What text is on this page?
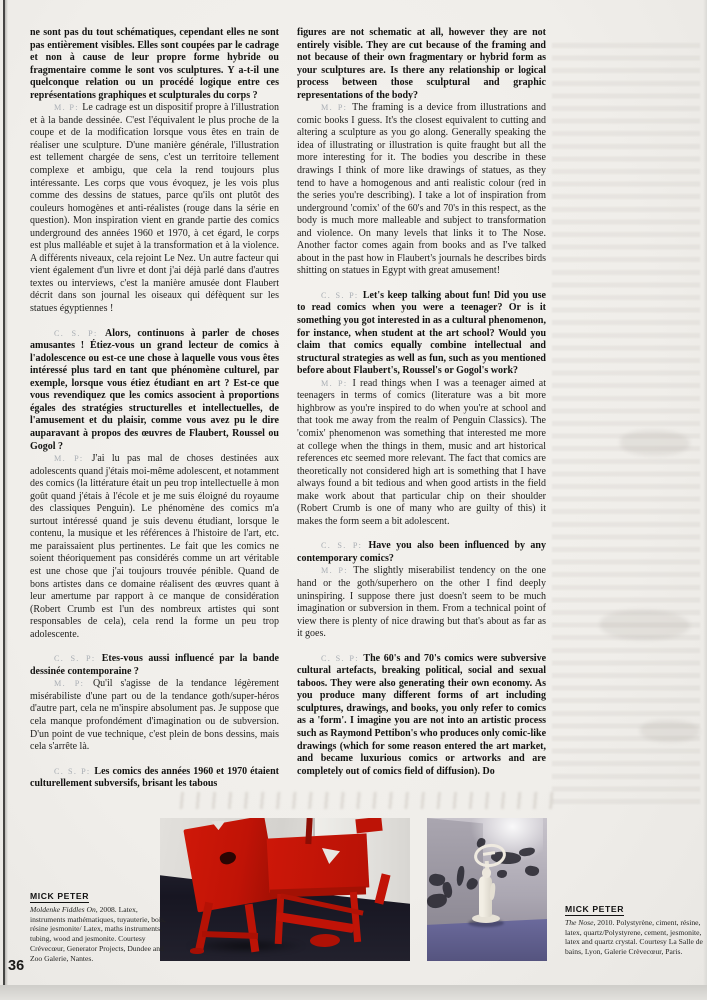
ne sont pas du tout schématiques, cependant elles ne sont pas entièrement visibles. Elles sont coupées par le cadrage et non à cause de leur propre forme hybride ou fragmentaire comme le sont vos sculptures. Y a-t-il une quelconque relation ou un procédé logique entre ces représentations graphiques et sculpturales du corps ?
M. P: Le cadrage est un dispositif propre à l'illustration et à la bande dessinée. C'est l'équivalent le plus proche de la coupe et de la modification lorsque vous êtes en train de réaliser une sculpture. D'une manière générale, l'illustration est tellement chargée de sens, c'est un territoire tellement complexe et ambigu, que cela la rend toujours plus intéressante. Les corps que vous évoquez, je les vois plus comme des dessins de statues, parce qu'ils ont plutôt des couleurs homogènes et anti-réalistes (rouge dans la série en question). Mon inspiration vient en grande partie des comics underground des années 1960 et 1970, à cet égard, le corps est plus malléable et sujet à la transformation et à la violence. A différents niveaux, cela rejoint Le Nez. Un autre facteur qui vient également d'un livre et dont j'ai déjà parlé dans d'autres textes ou interviews, c'est la manière amusée dont Flaubert décrit dans son journal les oiseaux qui défèquent sur les statues égyptiennes !
C. S. P: Alors, continuons à parler de choses amusantes ! Étiez-vous un grand lecteur de comics à l'adolescence ou est-ce une chose à laquelle vous vous êtes intéressé plus tard en tant que phénomène culturel, par exemple, lorsque vous étiez étudiant en art ? Est-ce que vous revendiquez que les comics associent à proportions égales des stratégies structurelles et intellectuelles, de l'amusement et du plaisir, comme vous avez pu le dire auparavant à propos des œuvres de Flaubert, Roussel ou Gogol ?
M. P: J'ai lu pas mal de choses destinées aux adolescents quand j'étais moi-même adolescent, et notamment des comics (la littérature était un peu trop intellectuelle à mon goût quand j'étais à l'école et je me suis éloigné du royaume des classiques Penguin). Le phénomène des comics m'a surtout intéressé quand je suis devenu étudiant, lorsque le contenu, la musique et les références à l'histoire de l'art, etc. me paraissaient plus pertinentes. Le fait que les comics ne soient théoriquement pas considérés comme un art véritable est une chose que j'ai toujours trouvée pénible. Quand de bons artistes dans ce domaine réalisent des œuvres quant à leur amertume par rapport à ce manque de considération (Robert Crumb est l'un des nombreux artistes qui sont responsables de cela), cela rend la forme un peu trop adolescente.
C. S. P: Etes-vous aussi influencé par la bande dessinée contemporaine ?
M. P: Qu'il s'agisse de la tendance légèrement misérabiliste d'une part ou de la tendance goth/super-héros d'autre part, cela ne m'inspire absolument pas. Je suppose que cela manque profondément d'imagination ou de subversion. D'un point de vue technique, c'est plein de bons dessins, mais cela s'arrête là.
C. S. P: Les comics des années 1960 et 1970 étaient culturellement subversifs, brisant les tabous
figures are not schematic at all, however they are not entirely visible. They are cut because of the framing and not because of their own fragmentary or hybrid form as your sculptures are. Is there any relationship or logical process between those sculptural and graphic representations of the body?
M. P: The framing is a device from illustrations and comic books I guess. It's the closest equivalent to cutting and altering a sculpture as you go along. Generally speaking the idea of illustrating or illustration is quite fraught but all the more interesting for it. The bodies you describe in these drawings I think of more like drawings of statues, as they tend to have a homogenous and anti realistic colour (red in the series you're describing). I take a lot of inspiration from underground 'comix' of the 60's and 70's in this respect, as the body is much more malleable and subject to transformation and violence. On many levels that links it to The Nose. Another factor comes again from books and as I've talked about in the past how in Flaubert's journals he describes birds shitting on statues in Egypt with great amusement!
C. S. P: Let's keep talking about fun! Did you use to read comics when you were a teenager? Or is it something you got interested in as a cultural phenomenon, for instance, when student at the art school? Would you claim that comics equally combine intellectual and structural strategies as well as fun, such as you mentioned before about Flaubert's, Roussel's or Gogol's work?
M. P: I read things when I was a teenager aimed at teenagers in terms of comics (literature was a bit more highbrow as you're inspired to do when you're at school and that took me away from the realm of Penguin Classics). The 'comix' phenomenon was something that interested me more at college when the things in them, music and art historical references etc seemed more relevant. The fact that comics are theoretically not considered high art is something that I have always found a bit tedious and when good artists in the field make work about that particular chip on their shoulder (Robert Crumb is one of many who are guilty of this) it makes the form seem a bit adolescent.
C. S. P: Have you also been influenced by any contemporary comics?
M. P: The slightly miserabilist tendency on the one hand or the goth/superhero on the other I find deeply uninspiring. I suppose there just doesn't seem to be much imagination or subversion in them. From a technical point of view there is plenty of nice drawing but that's about as far as it goes.
C. S. P: The 60's and 70's comics were subversive cultural artefacts, breaking political, social and sexual taboos. They were also generating their own economy. As you produce many different forms of art including sculptures, drawings, and books, you only refer to comics as a 'form'. I imagine you are not into an artistic process such as Raymond Pettibon's who produces only comic-like drawings (which for some reason entered the art market, and became luxurious comics or artworks and are completely out of comics field of diffusion). Do
MICK PETER
Moldenke Fiddles On, 2008. Latex, instruments mathématiques, tuyauterie, bois, résine jesmonite/ Latex, maths instruments, tubing, wood and jesmonite. Courtesy Crévecœur, Generator Projects, Dundee and Zoo Galerie, Nantes.
MICK PETER
The Nose, 2010. Polystyrène, ciment, résine, latex, quartz/Polystyrene, cement, jesmonite, latex and quartz crystal. Courtesy La Salle de bains, Lyon, Galerie Crèvecœur, Paris.
36
